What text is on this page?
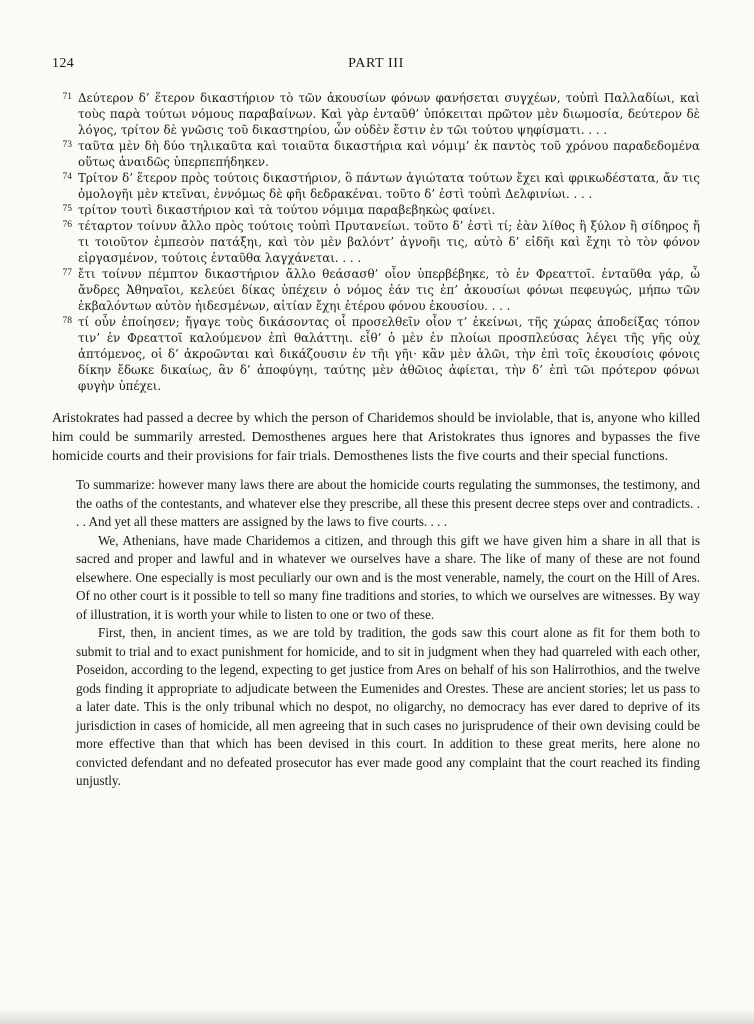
124	PART III
71 Δεύτερον δ’ ἕτερον δικαστήριον τὸ τῶν ἀκουσίων φόνων φανήσεται συγχέων, τοὐπὶ Παλλαδίωι, καὶ τοὺς παρὰ τούτωι νόμους παραβαίνων. Καὶ γὰρ ἐνταῦθ’ ὑπόκειται πρῶτον μὲν διωμοσία, δεύτερον δὲ λόγος, τρίτον δὲ γνῶσις τοῦ δικαστηρίου, ὧν οὐδὲν ἔστιν ἐν τῶι τούτου ψηφίσματι. . . .
73 ταῦτα μὲν δὴ δύο τηλικαῦτα καὶ τοιαῦτα δικαστήρια καὶ νόμιμ’ ἐκ παντὸς τοῦ χρόνου παραδεδομένα οὕτως ἀναιδῶς ὑπερπεπήδηκεν.
74 Τρίτον δ’ ἕτερον πρὸς τούτοις δικαστήριον, ὃ πάντων ἁγιώτατα τούτων ἔχει καὶ φρικωδέστατα, ἄν τις ὁμολογῆι μὲν κτεῖναι, ἐννόμως δὲ φῆι δεδρακέναι. τοῦτο δ’ ἐστὶ τοὐπὶ Δελφινίωι. . . .
75 τρίτον τουτὶ δικαστήριον καὶ τὰ τούτου νόμιμα παραβεβηκὼς φαίνει.
76 τέταρτον τοίνυν ἄλλο πρὸς τούτοις τοὐπὶ Πρυτανείωι. τοῦτο δ’ ἐστὶ τί; ἐὰν λίθος ἢ ξύλον ἢ σίδηρος ἤ τι τοιοῦτον ἐμπεσὸν πατάξηι, καὶ τὸν μὲν βαλόντ’ ἀγνοῆι τις, αὐτὸ δ’ εἰδῆι καὶ ἔχηι τὸ τὸν φόνον εἰργασμένον, τούτοις ἐνταῦθα λαγχάνεται. . . .
77 ἔτι τοίνυν πέμπτον δικαστήριον ἄλλο θεάσασθ’ οἷον ὑπερβέβηκε, τὸ ἐν Φρεαττοῖ. ἐνταῦθα γάρ, ὦ ἄνδρες Ἀθηναῖοι, κελεύει δίκας ὑπέχειν ὁ νόμος ἐάν τις ἐπ’ ἀκουσίωι φόνωι πεφευγώς, μήπω τῶν ἐκβαλόντων αὐτὸν ἠιδεσμένων, αἰτίαν ἔχηι ἑτέρου φόνου ἑκουσίου. . . .
78 τί οὖν ἐποίησεν; ἤγαγε τοὺς δικάσοντας οἷ προσελθεῖν οἷον τ’ ἐκείνωι, τῆς χώρας ἀποδείξας τόπον τιν’ ἐν Φρεαττοῖ καλούμενον ἐπὶ θαλάττηι. εἶθ’ ὁ μὲν ἐν πλοίωι προσπλεύσας λέγει τῆς γῆς οὐχ ἁπτόμενος, οἱ δ’ ἀκροῶνται καὶ δικάζουσιν ἐν τῆι γῆι· κἂν μὲν ἁλῶι, τὴν ἐπὶ τοῖς ἑκουσίοις φόνοις δίκην ἔδωκε δικαίως, ἂν δ’ ἀποφύγηι, ταύτης μὲν ἀθῶιος ἀφίεται, τὴν δ’ ἐπὶ τῶι πρότερον φόνωι φυγὴν ὑπέχει.

Aristokrates had passed a decree by which the person of Charidemos should be inviolable, that is, anyone who killed him could be summarily arrested. Demosthenes argues here that Aristokrates thus ignores and bypasses the five homicide courts and their provisions for fair trials. Demosthenes lists the five courts and their special functions.

To summarize: however many laws there are about the homicide courts regulating the summonses, the testimony, and the oaths of the contestants, and whatever else they prescribe, all these this present decree steps over and contradicts. . . . And yet all these matters are assigned by the laws to five courts. . . .

We, Athenians, have made Charidemos a citizen, and through this gift we have given him a share in all that is sacred and proper and lawful and in whatever we ourselves have a share. The like of many of these are not found elsewhere. One especially is most peculiarly our own and is the most venerable, namely, the court on the Hill of Ares. Of no other court is it possible to tell so many fine traditions and stories, to which we ourselves are witnesses. By way of illustration, it is worth your while to listen to one or two of these.

First, then, in ancient times, as we are told by tradition, the gods saw this court alone as fit for them both to submit to trial and to exact punishment for homicide, and to sit in judgment when they had quarreled with each other, Poseidon, according to the legend, expecting to get justice from Ares on behalf of his son Halirrothios, and the twelve gods finding it appropriate to adjudicate between the Eumenides and Orestes. These are ancient stories; let us pass to a later date. This is the only tribunal which no despot, no oligarchy, no democracy has ever dared to deprive of its jurisdiction in cases of homicide, all men agreeing that in such cases no jurisprudence of their own devising could be more effective than that which has been devised in this court. In addition to these great merits, here alone no convicted defendant and no defeated prosecutor has ever made good any complaint that the court reached its finding unjustly.
